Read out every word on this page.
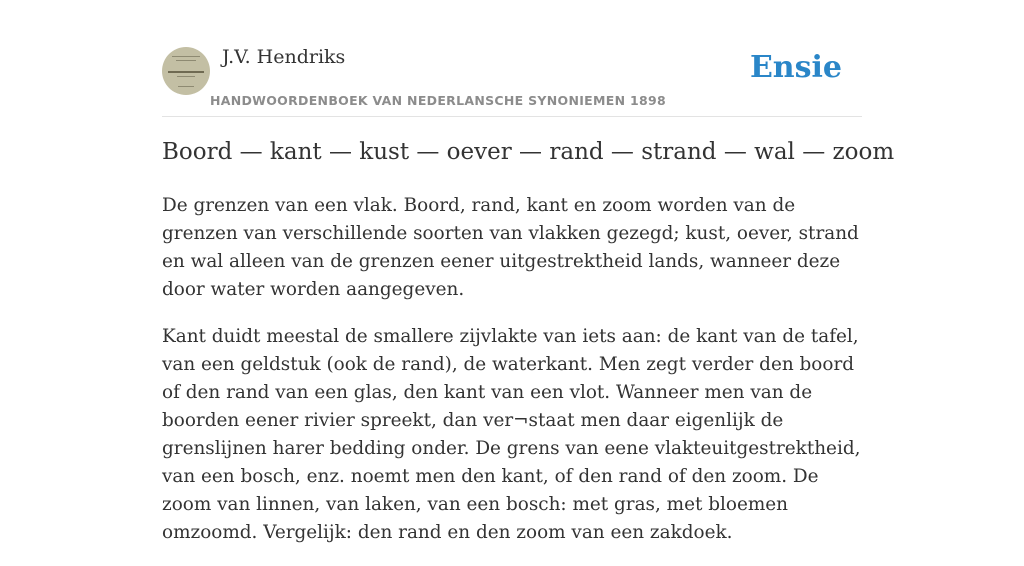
J.V. Hendriks
HANDWOORDENBOEK VAN NEDERLANSCHE SYNONIEMEN 1898
Ensie
Boord — kant — kust — oever — rand — strand — wal — zoom

De grenzen van een vlak. Boord, rand, kant en zoom worden van de grenzen van verschillende soorten van vlakken gezegd; kust, oever, strand en wal alleen van de grenzen eener uitgestrektheid lands, wanneer deze door water worden aangegeven.

Kant duidt meestal de smallere zijvlakte van iets aan: de kant van de tafel, van een geldstuk (ook de rand), de waterkant. Men zegt verder den boord of den rand van een glas, den kant van een vlot. Wanneer men van de boorden eener rivier spreekt, dan ver¬staat men daar eigenlijk de grenslijnen harer bedding onder. De grens van eene vlakteuitgestrektheid, van een bosch, enz. noemt men den kant, of den rand of den zoom. De zoom van linnen, van laken, van een bosch: met gras, met bloemen omzoomd. Vergelijk: den rand en den zoom van een zakdoek.
